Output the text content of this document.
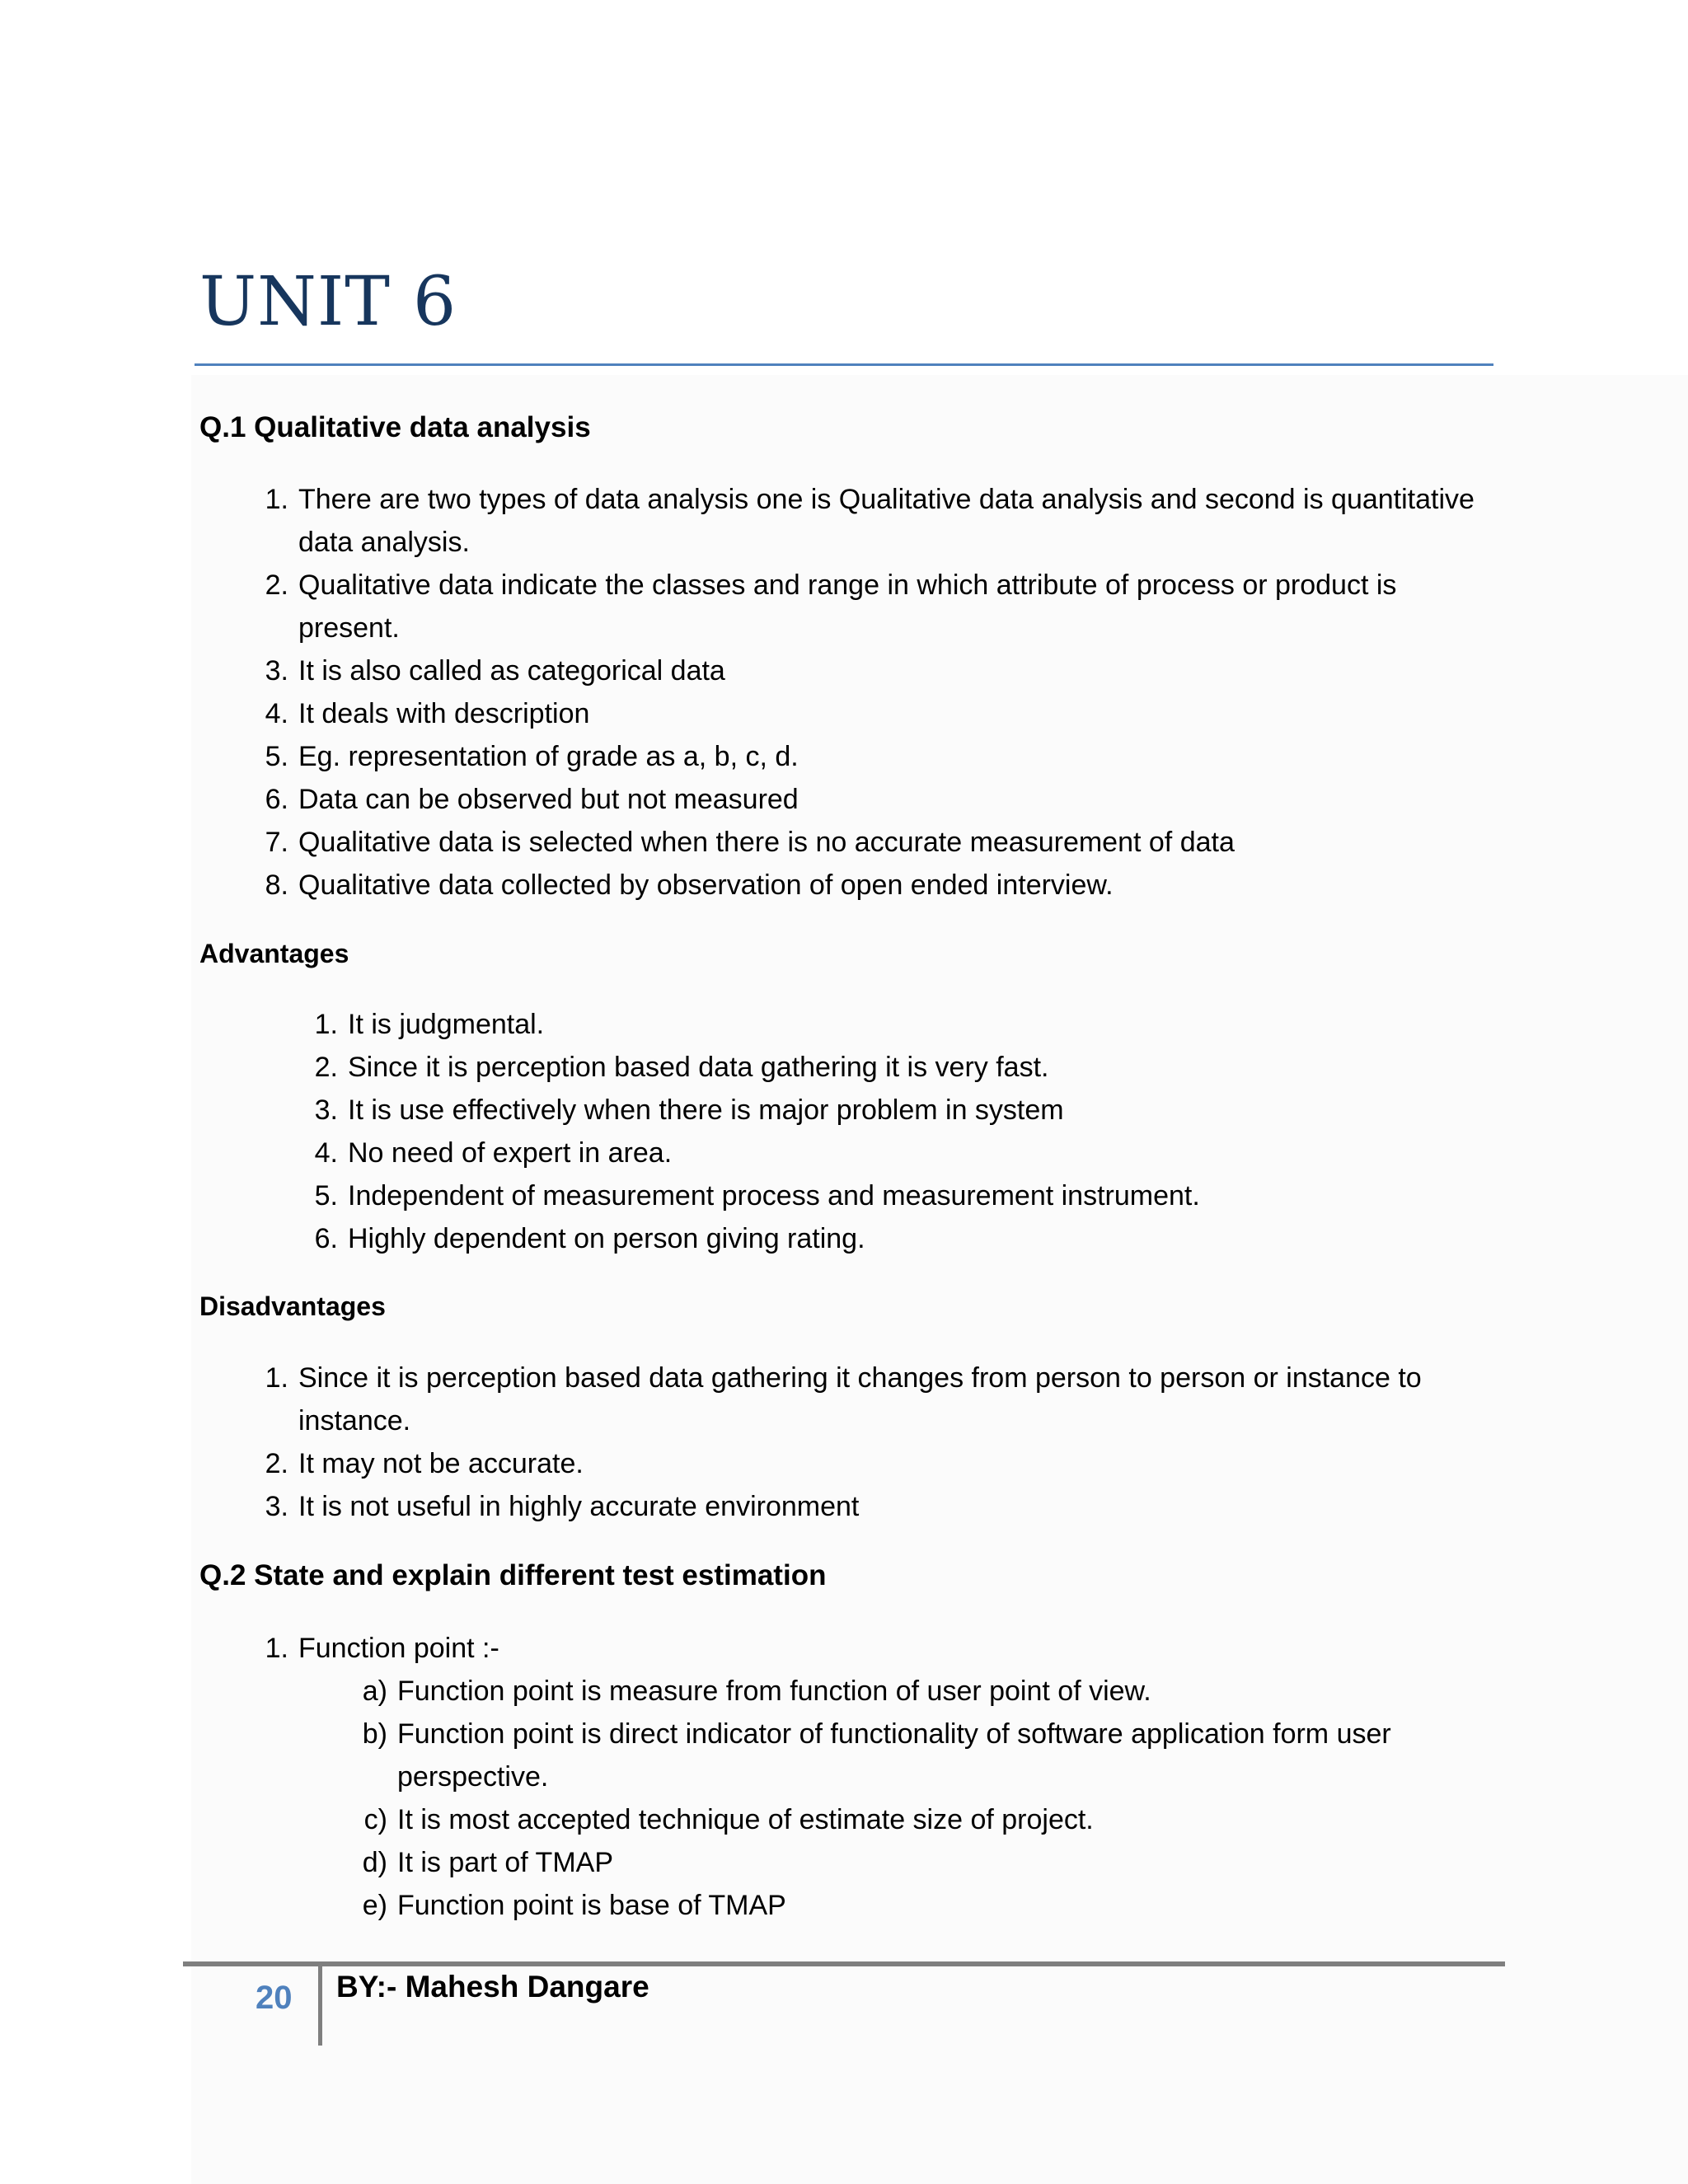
UNIT 6
Q.1 Qualitative data analysis
1. There are two types of data analysis one is Qualitative data analysis and second is quantitative
data analysis.
2. Qualitative data indicate the classes and range in which attribute of process or product is
present.
3. It is also called as categorical data
4. It deals with description
5. Eg. representation of grade as a, b, c, d.
6. Data can be observed but not measured
7. Qualitative data is selected when there is no accurate measurement of data
8. Qualitative data collected by observation of open ended interview.
Advantages
1. It is judgmental.
2. Since it is perception based data gathering it is very fast.
3. It is use effectively when there is major problem in system
4. No need of expert in area.
5. Independent of measurement process and measurement instrument.
6. Highly dependent on person giving rating.
Disadvantages
1. Since it is perception based data gathering it changes from person to person or instance to
instance.
2. It may not be accurate.
3. It is not useful in highly accurate environment
Q.2 State and explain different test estimation
1. Function point :-
a) Function point is measure from function of user point of view.
b) Function point is direct indicator of functionality of software application form user
perspective.
c) It is most accepted technique of estimate size of project.
d) It is part of TMAP
e) Function point is base of TMAP
20 BY:- Mahesh Dangare
